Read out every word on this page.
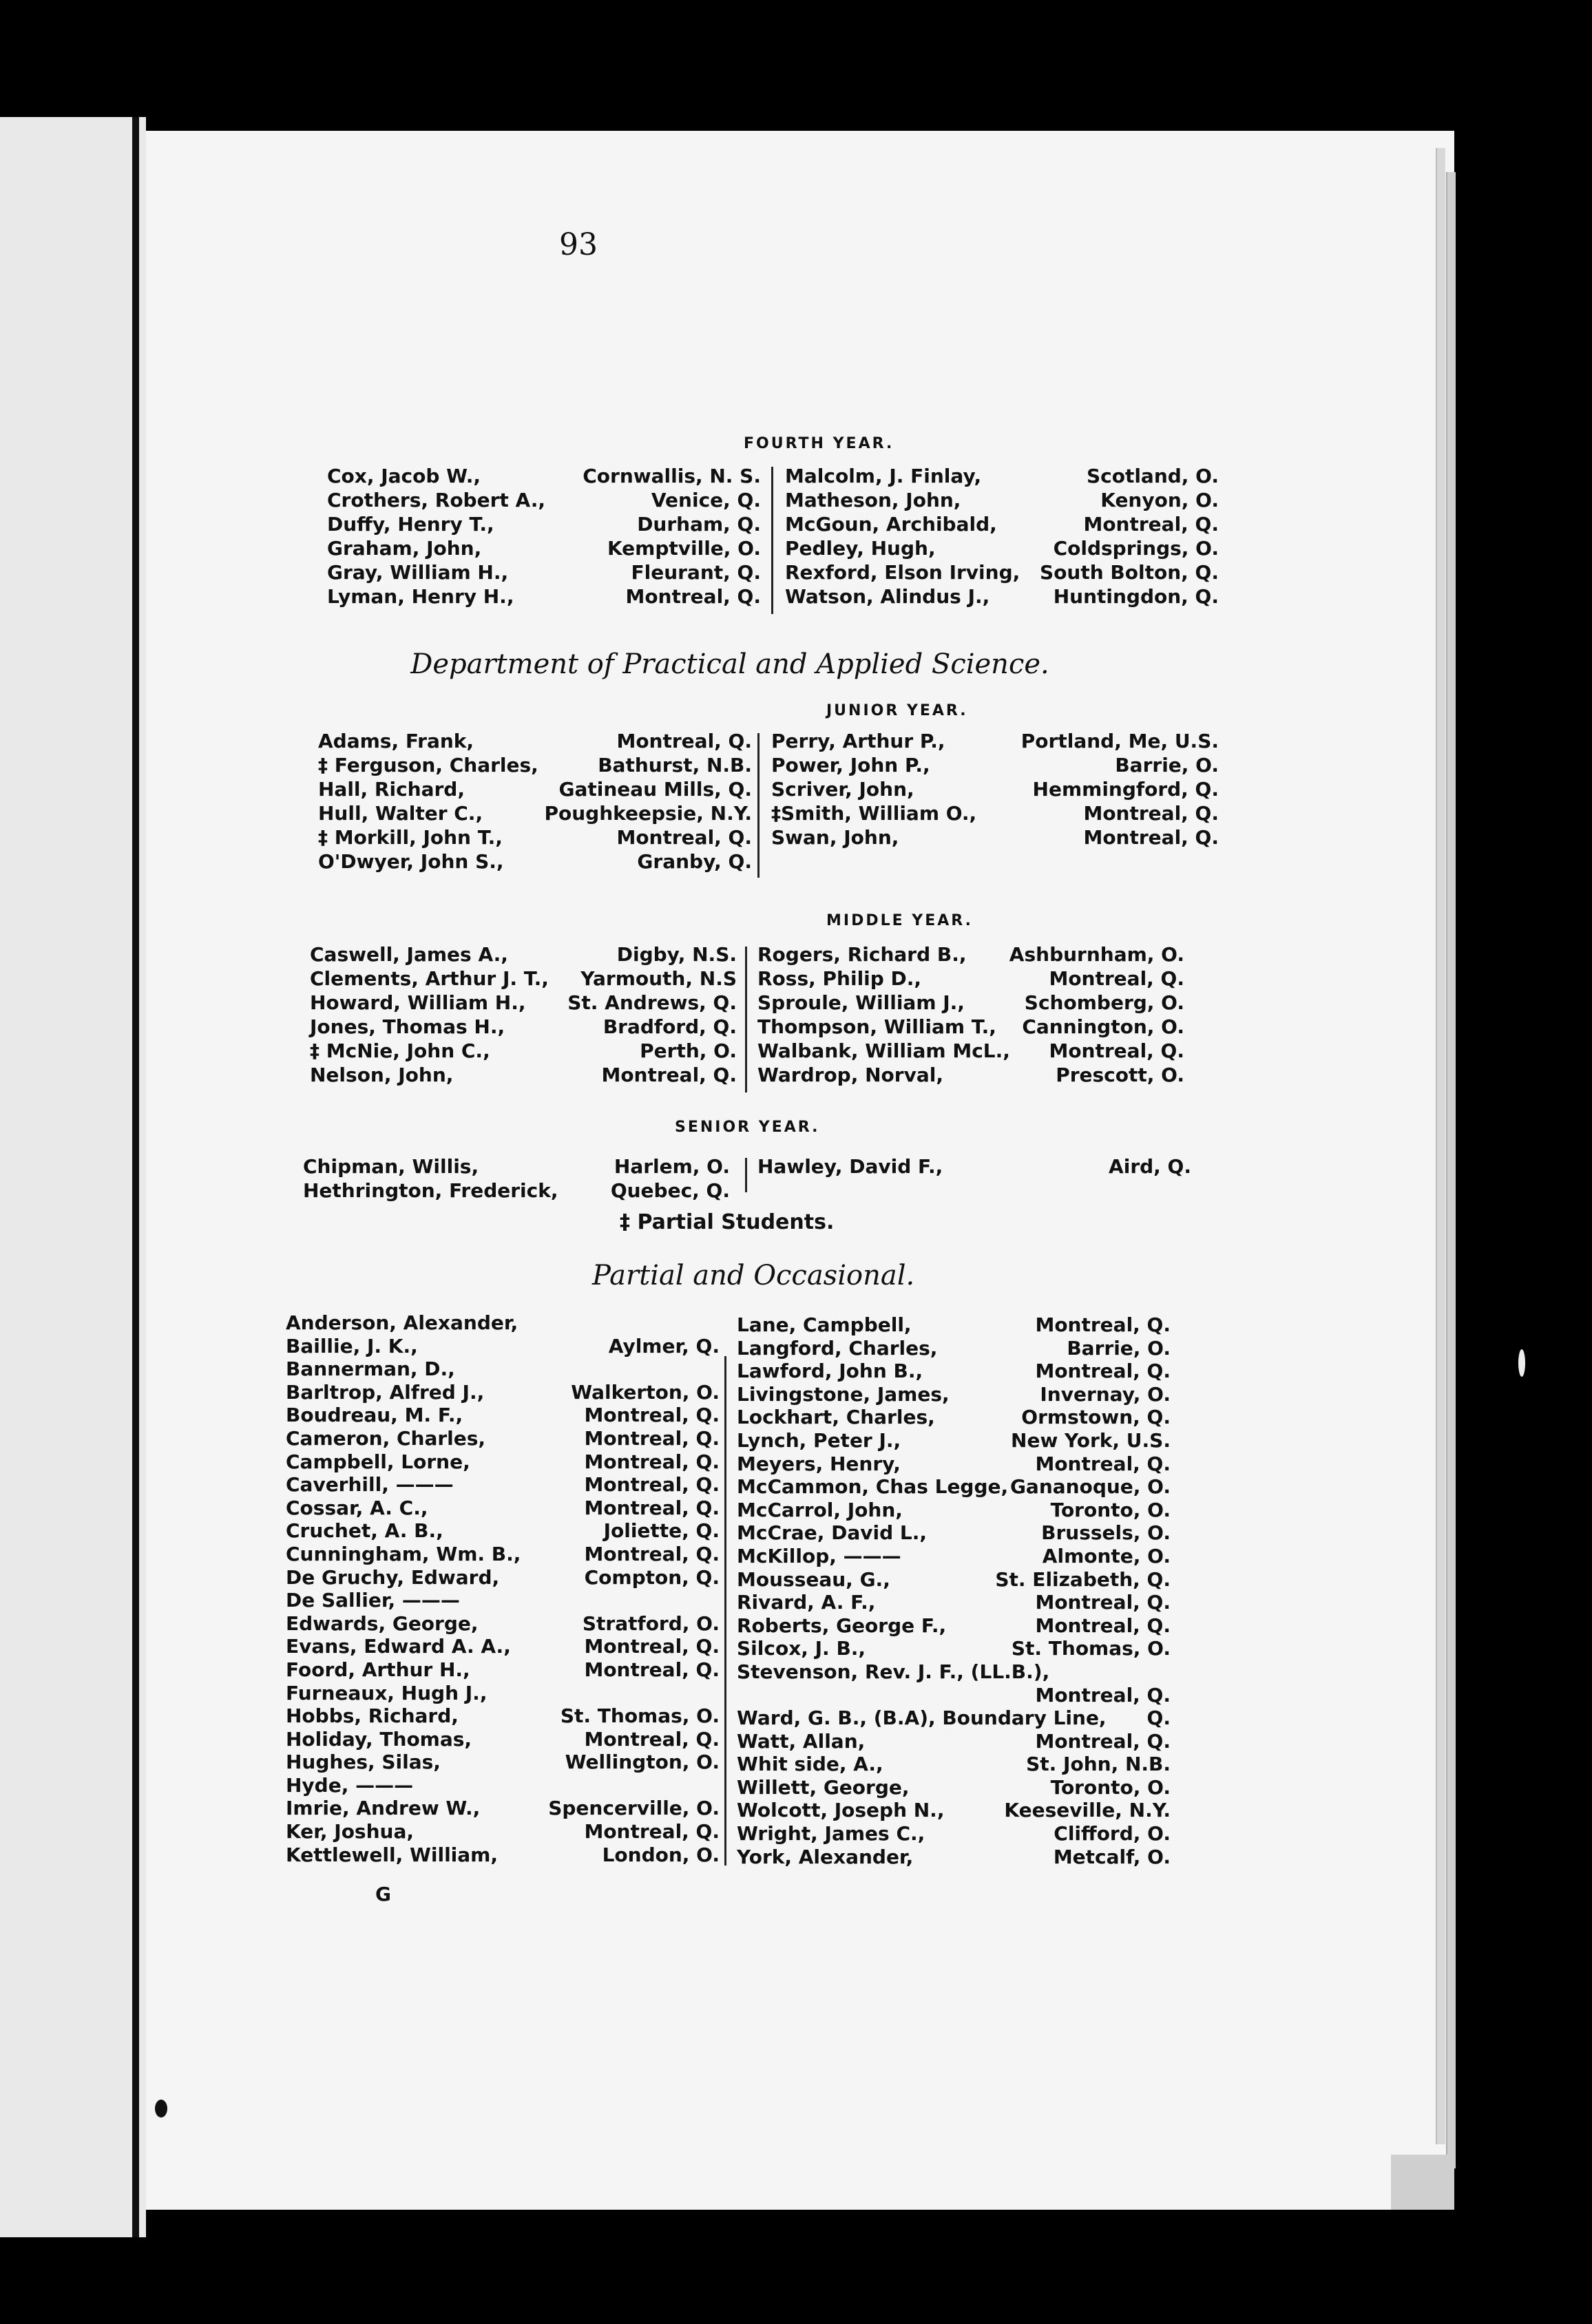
93
FOURTH YEAR.
Cox, Jacob W.,	Cornwallis, N. S.
Crothers, Robert A.,	Venice, Q.
Duffy, Henry T.,	Durham, Q.
Graham, John,	Kemptville, O.
Gray, William H.,	Fleurant, Q.
Lyman, Henry H.,	Montreal, Q.
Malcolm, J. Finlay,	Scotland, O.
Matheson, John,	Kenyon, O.
McGoun, Archibald,	Montreal, Q.
Pedley, Hugh,	Coldsprings, O.
Rexford, Elson Irving, South Bolton, Q.
Watson, Alindus J.,	Huntingdon, Q.
Department of Practical and Applied Science.
JUNIOR YEAR.
Adams, Frank,	Montreal, Q.
‡ Ferguson, Charles,	Bathurst, N.B.
Hall, Richard,	Gatineau Mills, Q.
Hull, Walter C.,	Poughkeepsie, N.Y.
‡ Morkill, John T.,	Montreal, Q.
O'Dwyer, John S.,	Granby, Q.
Perry, Arthur P.,	Portland, Me, U.S.
Power, John P.,	Barrie, O.
Scriver, John,	Hemmingford, Q.
‡Smith, William O.,	Montreal, Q.
Swan, John,	Montreal, Q.
MIDDLE YEAR.
Caswell, James A.,	Digby, N.S.
Clements, Arthur J. T., Yarmouth, N.S
Howard, William H., St. Andrews, Q.
Jones, Thomas H.,	Bradford, Q.
‡ McNie, John C.,	Perth, O.
Nelson, John,	Montreal, Q.
Rogers, Richard B., Ashburnham, O.
Ross, Philip D.,	Montreal, Q.
Sproule, William J.,	Schomberg, O.
Thompson, William T., Cannington, O.
Walbank, William McL., Montreal, Q.
Wardrop, Norval,	Prescott, O.
SENIOR YEAR.
Chipman, Willis,	Harlem, O.
Hethrington, Frederick,	Quebec, Q.
Hawley, David F.,	Aird, Q.
‡ Partial Students.
Partial and Occasional.
Anderson, Alexander,
Baillie, J. K.,	Aylmer, Q.
Bannerman, D.,
Barltrop, Alfred J.,	Walkerton, O.
Boudreau, M. F.,	Montreal, Q.
Cameron, Charles,	Montreal, Q.
Campbell, Lorne,	Montreal, Q.
Caverhill, ———	Montreal, Q.
Cossar, A. C.,	Montreal, Q.
Cruchet, A. B.,	Joliette, Q.
Cunningham, Wm. B.,	Montreal, Q.
De Gruchy, Edward,	Compton, Q.
De Sallier, ———
Edwards, George,	Stratford, O.
Evans, Edward A. A.,	Montreal, Q.
Foord, Arthur H.,	Montreal, Q.
Furneaux, Hugh J.,
Hobbs, Richard,	St. Thomas, O.
Holiday, Thomas,	Montreal, Q.
Hughes, Silas,	Wellington, O.
Hyde, ———
Imrie, Andrew W.,	Spencerville, O.
Ker, Joshua,	Montreal, Q.
Kettlewell, William,	London, O.
Lane, Campbell,	Montreal, Q.
Langford, Charles,	Barrie, O.
Lawford, John B.,	Montreal, Q.
Livingstone, James,	Invernay, O.
Lockhart, Charles,	Ormstown, Q.
Lynch, Peter J.,	New York, U.S.
Meyers, Henry,	Montreal, Q.
McCammon, Chas Legge, Gananoque, O.
McCarrol, John,	Toronto, O.
McCrae, David L.,	Brussels, O.
McKillop, ———	Almonte, O.
Mousseau, G.,	St. Elizabeth, Q.
Rivard, A. F.,	Montreal, Q.
Roberts, George F.,	Montreal, Q.
Silcox, J. B.,	St. Thomas, O.
Stevenson, Rev. J. F., (LL.B.),
Montreal, Q.
Ward, G. B., (B.A), Boundary Line, Q.
Watt, Allan,	Montreal, Q.
Whit side, A.,	St. John, N.B.
Willett, George,	Toronto, O.
Wolcott, Joseph N.,	Keeseville, N.Y.
Wright, James C.,	Clifford, O.
York, Alexander,	Metcalf, O.
G
